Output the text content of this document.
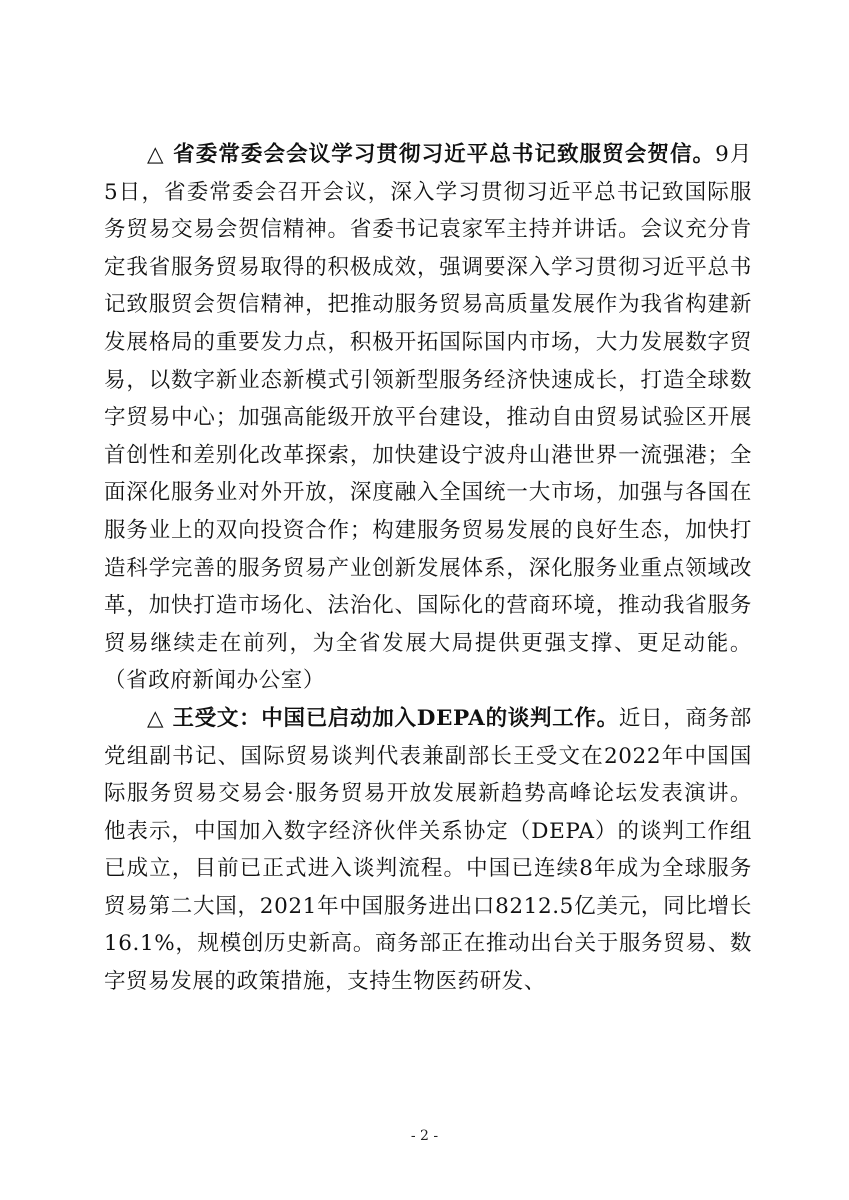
△ 省委常委会会议学习贯彻习近平总书记致服贸会贺信。9月5日，省委常委会召开会议，深入学习贯彻习近平总书记致国际服务贸易交易会贺信精神。省委书记袁家军主持并讲话。会议充分肯定我省服务贸易取得的积极成效，强调要深入学习贯彻习近平总书记致服贸会贺信精神，把推动服务贸易高质量发展作为我省构建新发展格局的重要发力点，积极开拓国际国内市场，大力发展数字贸易，以数字新业态新模式引领新型服务经济快速成长，打造全球数字贸易中心；加强高能级开放平台建设，推动自由贸易试验区开展首创性和差别化改革探索，加快建设宁波舟山港世界一流强港；全面深化服务业对外开放，深度融入全国统一大市场，加强与各国在服务业上的双向投资合作；构建服务贸易发展的良好生态，加快打造科学完善的服务贸易产业创新发展体系，深化服务业重点领域改革，加快打造市场化、法治化、国际化的营商环境，推动我省服务贸易继续走在前列，为全省发展大局提供更强支撑、更足动能。（省政府新闻办公室）

△ 王受文：中国已启动加入DEPA的谈判工作。近日，商务部党组副书记、国际贸易谈判代表兼副部长王受文在2022年中国国际服务贸易交易会·服务贸易开放发展新趋势高峰论坛发表演讲。他表示，中国加入数字经济伙伴关系协定（DEPA）的谈判工作组已成立，目前已正式进入谈判流程。中国已连续8年成为全球服务贸易第二大国，2021年中国服务进出口8212.5亿美元，同比增长16.1%，规模创历史新高。商务部正在推动出台关于服务贸易、数字贸易发展的政策措施，支持生物医药研发、

- 2 -
